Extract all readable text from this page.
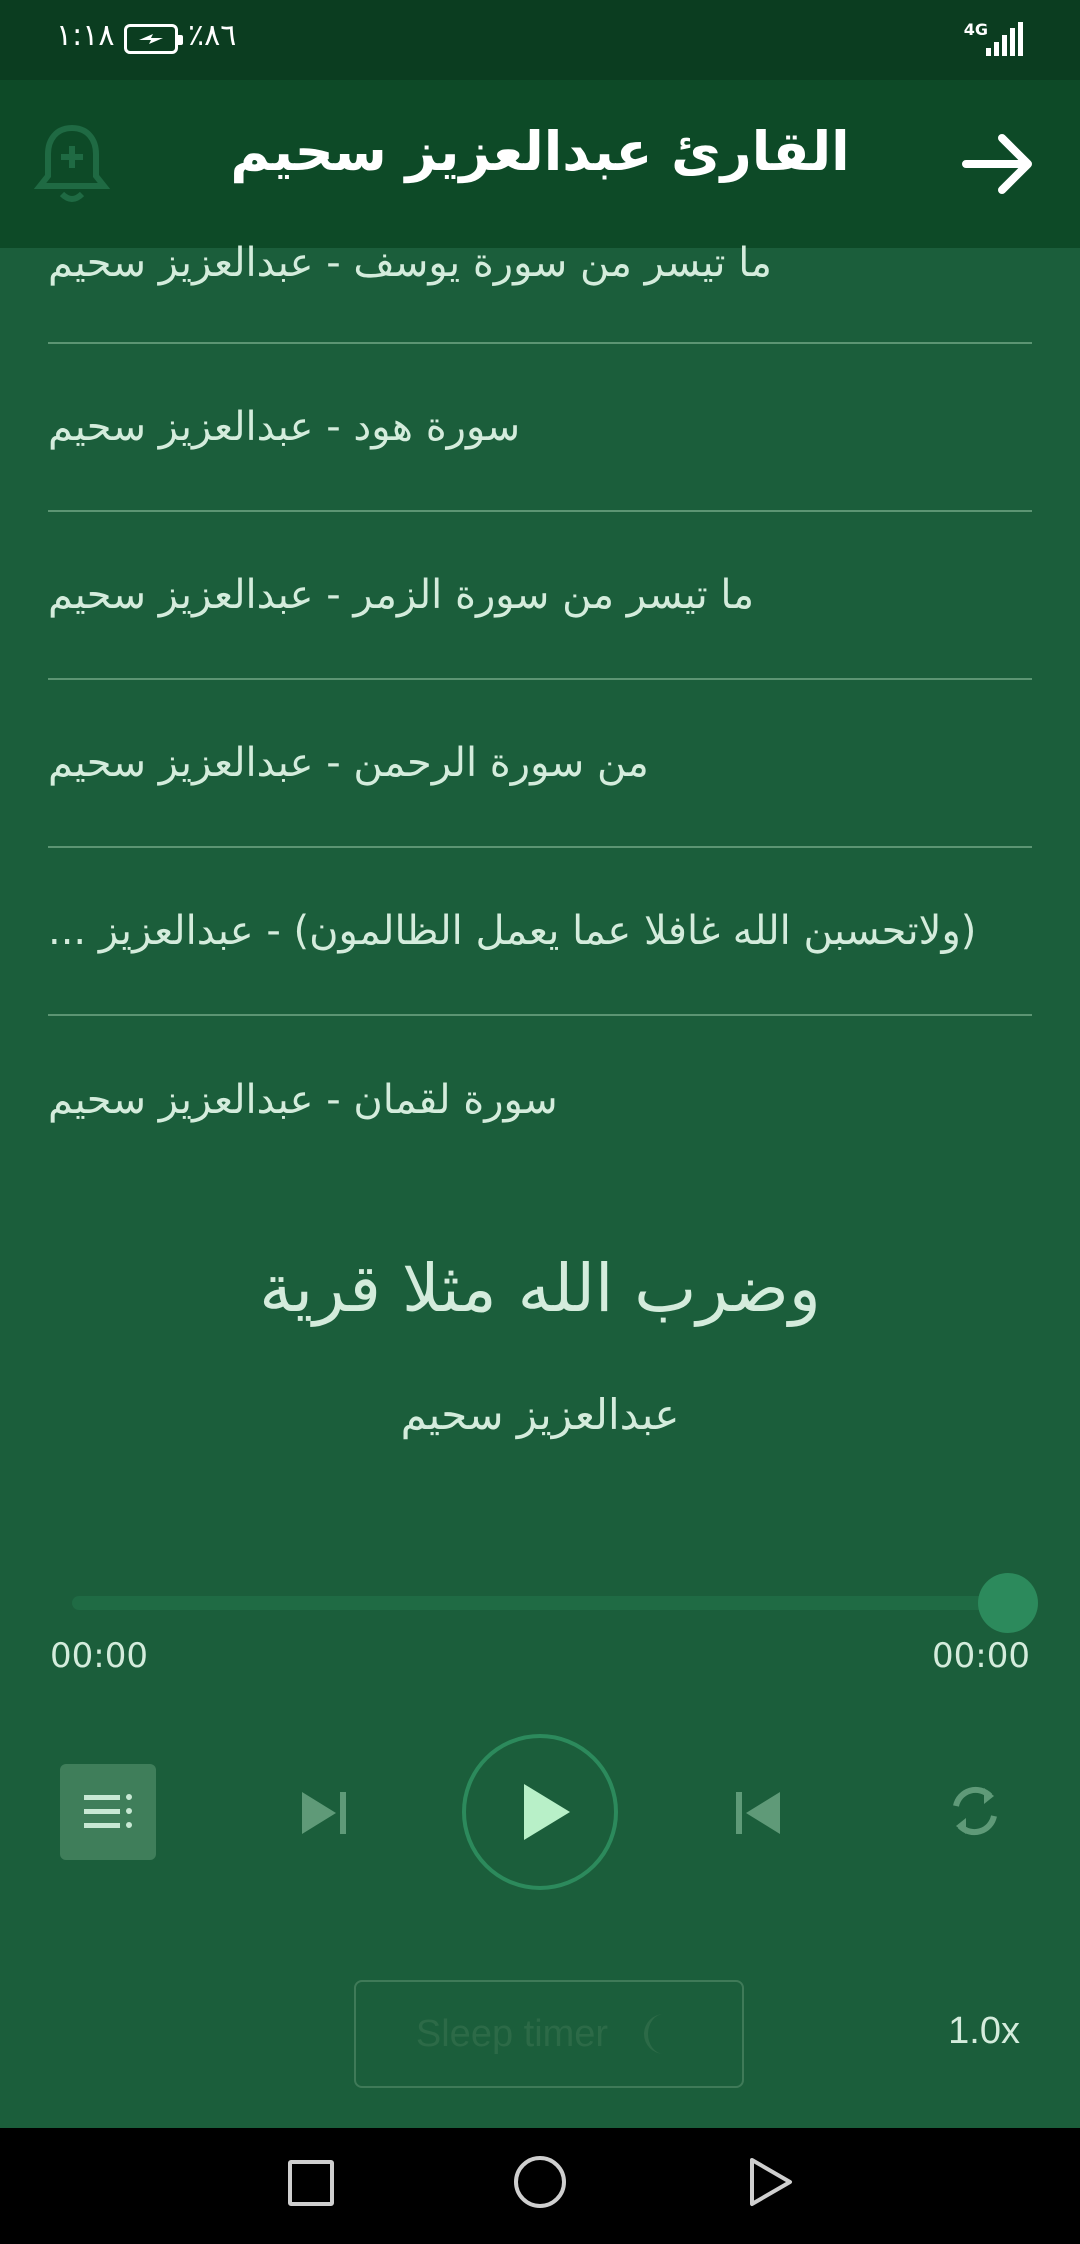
١:١٨ ٪٨٦	4G
القارئ عبدالعزيز سحيم
ما تيسر من سورة يوسف - عبدالعزيز سحيم
سورة هود - عبدالعزيز سحيم
ما تيسر من سورة الزمر - عبدالعزيز سحيم
من سورة الرحمن - عبدالعزيز سحيم
(ولاتحسبن الله غافلا عما يعمل الظالمون) - عبدالعزيز ...
سورة لقمان - عبدالعزيز سحيم
وضرب الله مثلا قرية
عبدالعزيز سحيم
00:00	00:00
Sleep timer	1.0x
